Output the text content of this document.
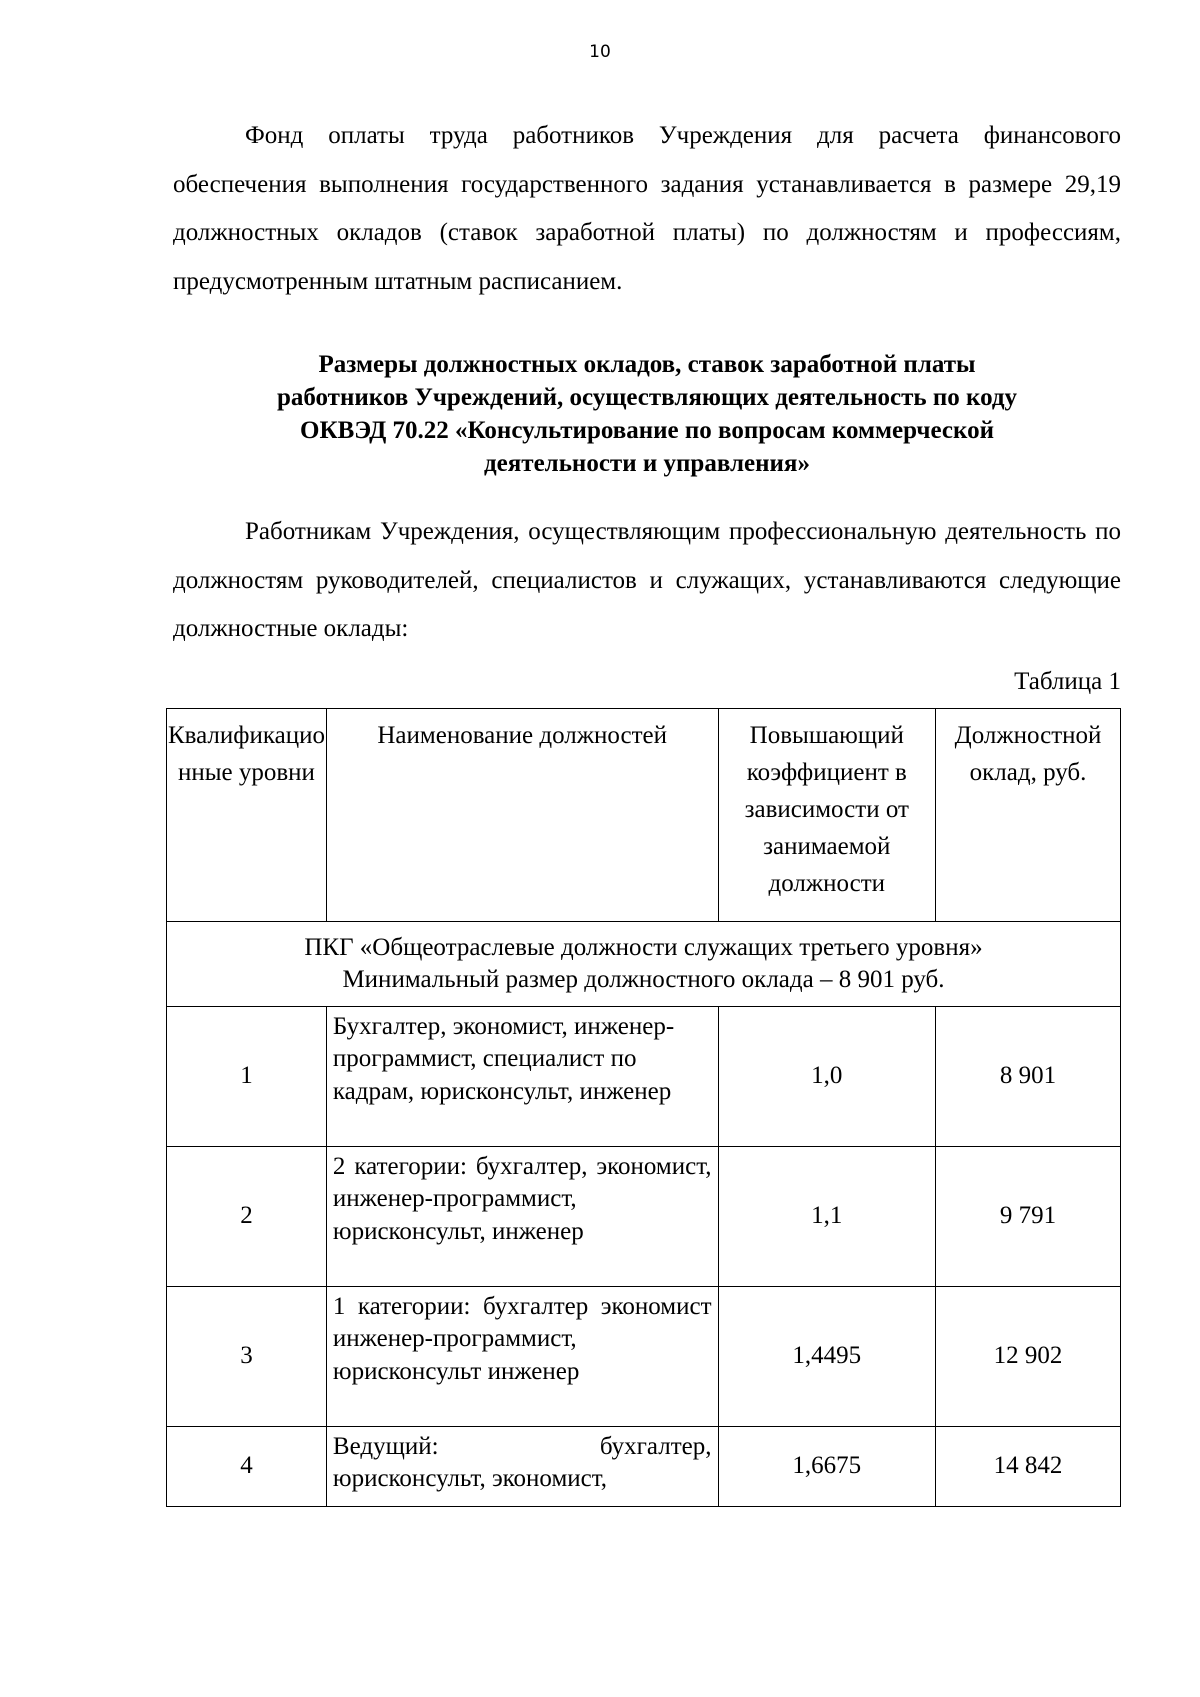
10

Фонд оплаты труда работников Учреждения для расчета финансового обеспечения выполнения государственного задания устанавливается в размере 29,19 должностных окладов (ставок заработной платы) по должностям и профессиям, предусмотренным штатным расписанием.

Размеры должностных окладов, ставок заработной платы
работников Учреждений, осуществляющих деятельность по коду
ОКВЭД 70.22 «Консультирование по вопросам коммерческой
деятельности и управления»

Работникам Учреждения, осуществляющим профессиональную деятельность по должностям руководителей, специалистов и служащих, устанавливаются следующие должностные оклады:

Таблица 1

Квалификационные уровни	Наименование должностей	Повышающий коэффициент в зависимости от занимаемой должности	Должностной оклад, руб.

ПКГ «Общеотраслевые должности служащих третьего уровня»
Минимальный размер должностного оклада – 8 901 руб.			

1	Бухгалтер, экономист, инженер-программист, специалист по кадрам, юрисконсульт, инженер	1,0	8 901
2	2 категории: бухгалтер, экономист, инженер-программист, юрисконсульт, инженер	1,1	9 791
3	1 категории: бухгалтер экономист инженер-программист, юрисконсульт инженер	1,4495	12 902
4	Ведущий: бухгалтер, юрисконсульт, экономист,	1,6675	14 842
